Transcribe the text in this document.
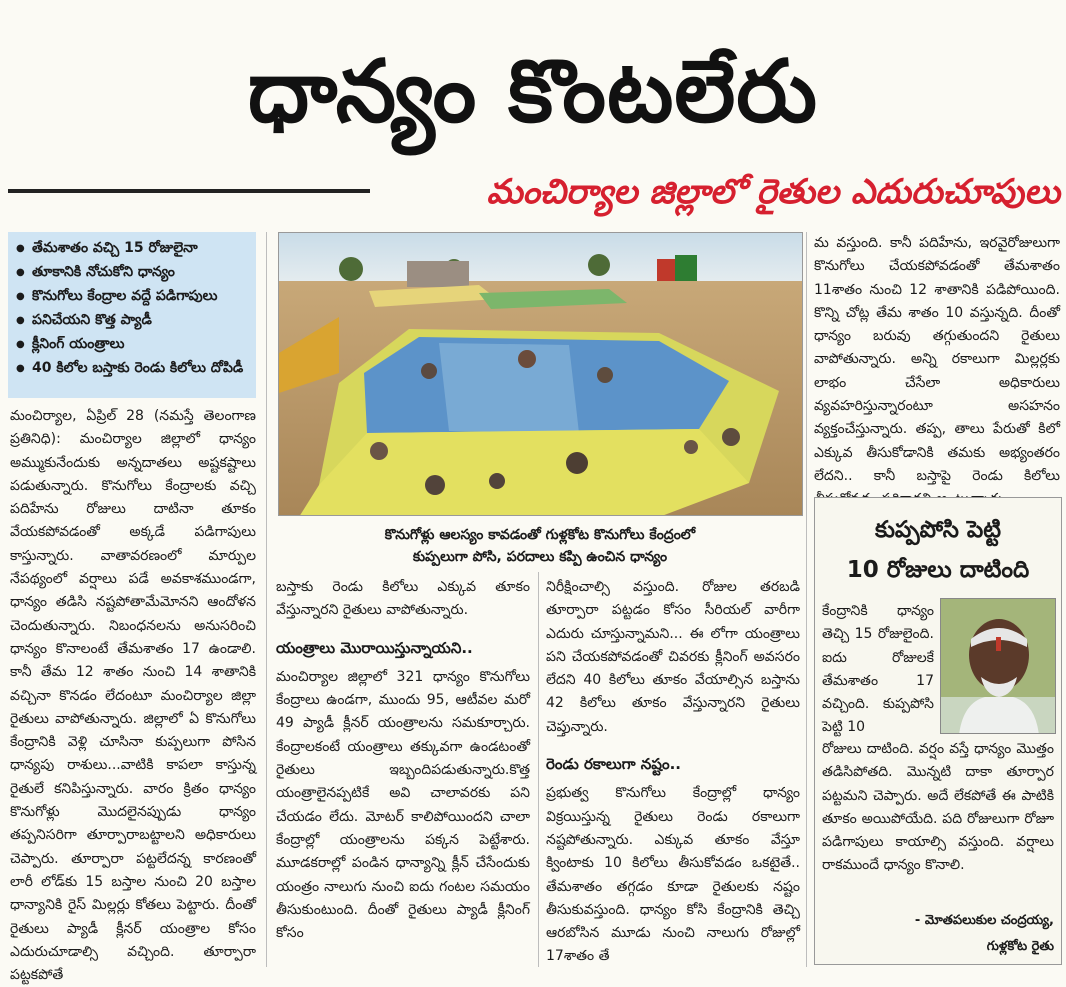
ధాన్యం కొంటలేరు
మంచిర్యాల జిల్లాలో రైతుల ఎదురుచూపులు
● తేమశాతం వచ్చి 15 రోజులైనా
● తూకానికి నోచుకోని ధాన్యం
● కొనుగోలు కేంద్రాల వద్దే పడిగాపులు
● పనిచేయని కొత్త ప్యాడీ
● క్లీనింగ్ యంత్రాలు
● 40 కిలోల బస్తాకు రెండు కిలోలు దోపిడీ

మంచిర్యాల, ఏప్రిల్ 28 (నమస్తే తెలంగాణ ప్రతినిధి): మంచిర్యాల జిల్లాలో ధాన్యం అమ్ముకునేందుకు అన్నదాతలు అష్టకష్టాలు పడుతున్నారు. కొనుగోలు కేంద్రాలకు వచ్చి పదిహేను రోజులు దాటినా తూకం వేయకపోవడంతో అక్కడే పడిగాపులు కాస్తున్నారు. వాతావరణంలో మార్పుల నేపథ్యంలో వర్షాలు పడే అవకాశముండగా, ధాన్యం తడిసి నష్టపోతామేమోనని ఆందోళన చెందుతున్నారు. నిబంధనలను అనుసరించి ధాన్యం కొనాలంటే తేమశాతం 17 ఉండాలి. కానీ తేమ 12 శాతం నుంచి 14 శాతానికి వచ్చినా కొనడం లేదంటూ మంచిర్యాల జిల్లా రైతులు వాపోతున్నారు. జిల్లాలో ఏ కొనుగోలు కేంద్రానికి వెళ్లి చూసినా కుప్పలుగా పోసిన ధాన్యపు రాశులు...వాటికి కాపలా కాస్తున్న రైతులే కనిపిస్తున్నారు. వారం క్రితం ధాన్యం కొనుగోళ్లు మొదలైనప్పుడు ధాన్యం తప్పనిసరిగా తూర్పారాబట్టాలని అధికారులు చెప్పారు. తూర్పారా పట్టలేదన్న కారణంతో లారీ లోడ్‌కు 15 బస్తాల నుంచి 20 బస్తాల ధాన్యానికి రైస్ మిల్లర్లు కోతలు పెట్టారు. దీంతో రైతులు ప్యాడీ క్లీనర్ యంత్రాల కోసం ఎదురుచూడాల్సి వచ్చింది. తూర్పారా పట్టకపోతే

కొనుగోళ్లు ఆలస్యం కావడంతో గుళ్లకోట కొనుగోలు కేంద్రంలో
కుప్పలుగా పోసి, పరదాలు కప్పి ఉంచిన ధాన్యం

బస్తాకు రెండు కిలోలు ఎక్కువ తూకం వేస్తున్నారని రైతులు వాపోతున్నారు.

యంత్రాలు మొరాయిస్తున్నాయని..

మంచిర్యాల జిల్లాలో 321 ధాన్యం కొనుగోలు కేంద్రాలు ఉండగా, ముందు 95, ఆటీవల మరో 49 ప్యాడీ క్లీనర్ యంత్రాలను సమకూర్చారు. కేంద్రాలకంటే యంత్రాలు తక్కువగా ఉండటంతో రైతులు ఇబ్బందిపడుతున్నారు.కొత్త యంత్రాలైనప్పటికే అవి చాలావరకు పని చేయడం లేదు. మోటర్ కాలిపోయిందని చాలా కేంద్రాల్లో యంత్రాలను పక్కన పెట్టేశారు. మూడకరాల్లో పండిన ధాన్యాన్ని క్లీన్ చేసేందుకు యంత్రం నాలుగు నుంచి ఐదు గంటల సమయం తీసుకుంటుంది. దీంతో రైతులు ప్యాడీ క్లీనింగ్ కోసం

నిరీక్షించాల్సి వస్తుంది. రోజుల తరబడి తూర్పారా పట్టడం కోసం సీరియల్ వారీగా ఎదురు చూస్తున్నామని... ఈ లోగా యంత్రాలు పని చేయకపోవడంతో చివరకు క్లీనింగ్ అవసరం లేదని 40 కిలోలు తూకం వేయాల్సిన బస్తాను 42 కిలోలు తూకం వేస్తున్నారని రైతులు చెప్తున్నారు.

రెండు రకాలుగా నష్టం..

ప్రభుత్వ కొనుగోలు కేంద్రాల్లో ధాన్యం విక్రయిస్తున్న రైతులు రెండు రకాలుగా నష్టపోతున్నారు. ఎక్కువ తూకం వేస్తూ క్వింటాకు 10 కిలోలు తీసుకోవడం ఒకటైతే.. తేమశాతం తగ్గడం కూడా రైతులకు నష్టం తీసుకువస్తుంది. ధాన్యం కోసి కేంద్రానికి తెచ్చి ఆరబోసిన మూడు నుంచి నాలుగు రోజుల్లో 17శాతం తే

మ వస్తుంది. కానీ పదిహేను, ఇరవైరోజులుగా కొనుగోలు చేయకపోవడంతో తేమశాతం 11శాతం నుంచి 12 శాతానికి పడిపోయింది. కొన్ని చోట్ల తేమ శాతం 10 వస్తున్నది. దీంతో ధాన్యం బరువు తగ్గుతుందని రైతులు వాపోతున్నారు. అన్ని రకాలుగా మిల్లర్లకు లాభం చేసేలా అధికారులు వ్యవహరిస్తున్నారంటూ అసహనం వ్యక్తంచేస్తున్నారు. తప్ప, తాలు పేరుతో కిలో ఎక్కువ తీసుకోడానికి తమకు అభ్యంతరం లేదని.. కానీ బస్తాపై రెండు కిలోలు

కుప్పపోసి పెట్టి
10 రోజులు దాటింది
కేంద్రానికి ధాన్యం తెచ్చి 15 రోజులైంది. ఐదు రోజులకే తేమశాతం 17 వచ్చింది. కుప్పపోసి పెట్టి 10
రోజులు దాటింది. వర్షం వస్తే ధాన్యం మొత్తం తడిసిపోతది. మొన్నటి దాకా తూర్పార పట్టమని చెప్పారు. అదే లేకపోతే ఈ పాటికి తూకం అయిపోయేది. పది రోజులుగా రోజూ పడిగాపులు కాయాల్సి వస్తుంది. వర్షాలు రాకముందే ధాన్యం కొనాలి.
- మోతపలుకుల చంద్రయ్య,
గుళ్లకోట రైతు
